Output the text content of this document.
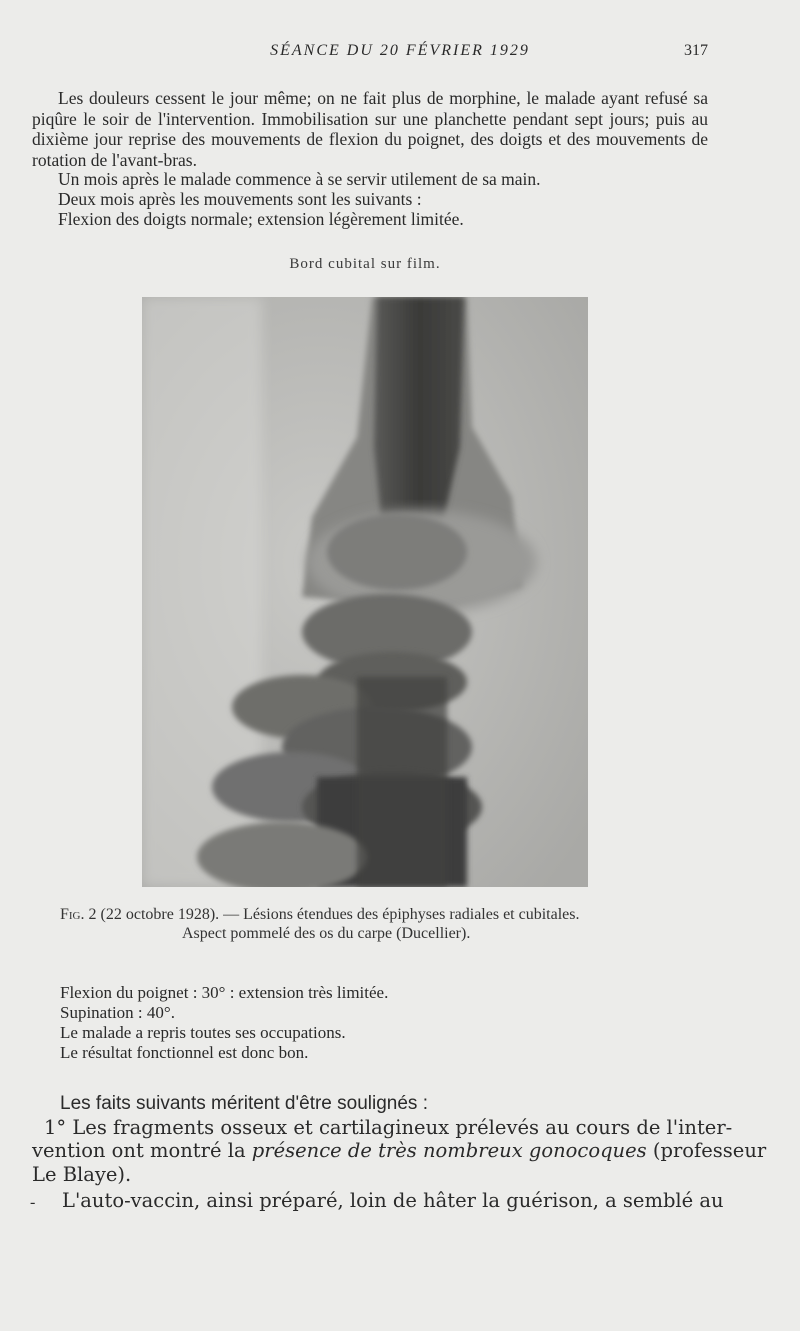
SÉANCE DU 20 FÉVRIER 1929	317
Les douleurs cessent le jour même; on ne fait plus de morphine, le malade ayant refusé sa piqûre le soir de l'intervention. Immobilisation sur une planchette pendant sept jours; puis au dixième jour reprise des mouvements de flexion du poignet, des doigts et des mouvements de rotation de l'avant-bras.
Un mois après le malade commence à se servir utilement de sa main.
Deux mois après les mouvements sont les suivants :
Flexion des doigts normale; extension légèrement limitée.
Bord cubital sur film.
Fig. 2 (22 octobre 1928). — Lésions étendues des épiphyses radiales et cubitales.
Aspect pommelé des os du carpe (Ducellier).
Flexion du poignet : 30° : extension très limitée.
Supination : 40°.
Le malade a repris toutes ses occupations.
Le résultat fonctionnel est donc bon.
Les faits suivants méritent d'être soulignés :
1° Les fragments osseux et cartilagineux prélevés au cours de l'inter-
vention ont montré la présence de très nombreux gonocoques (professeur
Le Blaye).
- L'auto-vaccin, ainsi préparé, loin de hâter la guérison, a semblé au
